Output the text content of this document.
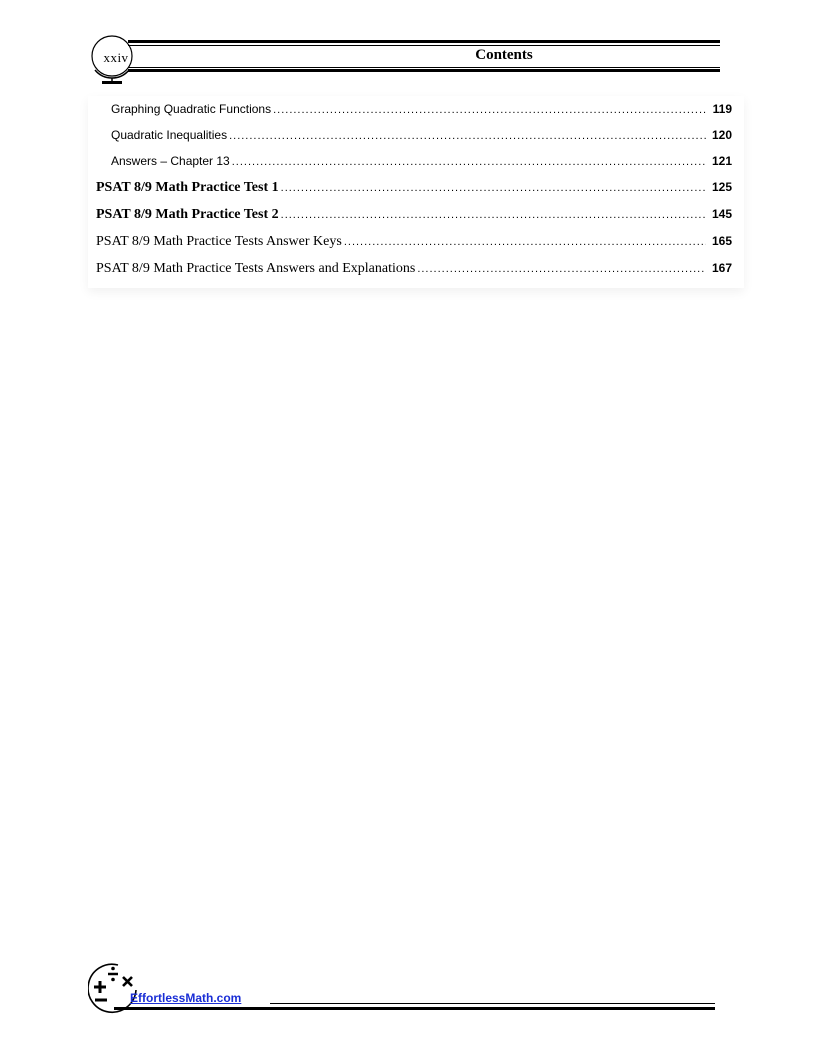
xxiv	Contents
Graphing Quadratic Functions .....	119
Quadratic Inequalities .....	120
Answers – Chapter 13 .....	121
PSAT 8/9 Math Practice Test 1 .....	125
PSAT 8/9 Math Practice Test 2 .....	145
PSAT 8/9 Math Practice Tests Answer Keys .....	165
PSAT 8/9 Math Practice Tests Answers and Explanations .....	167
EffortlessMath.com
